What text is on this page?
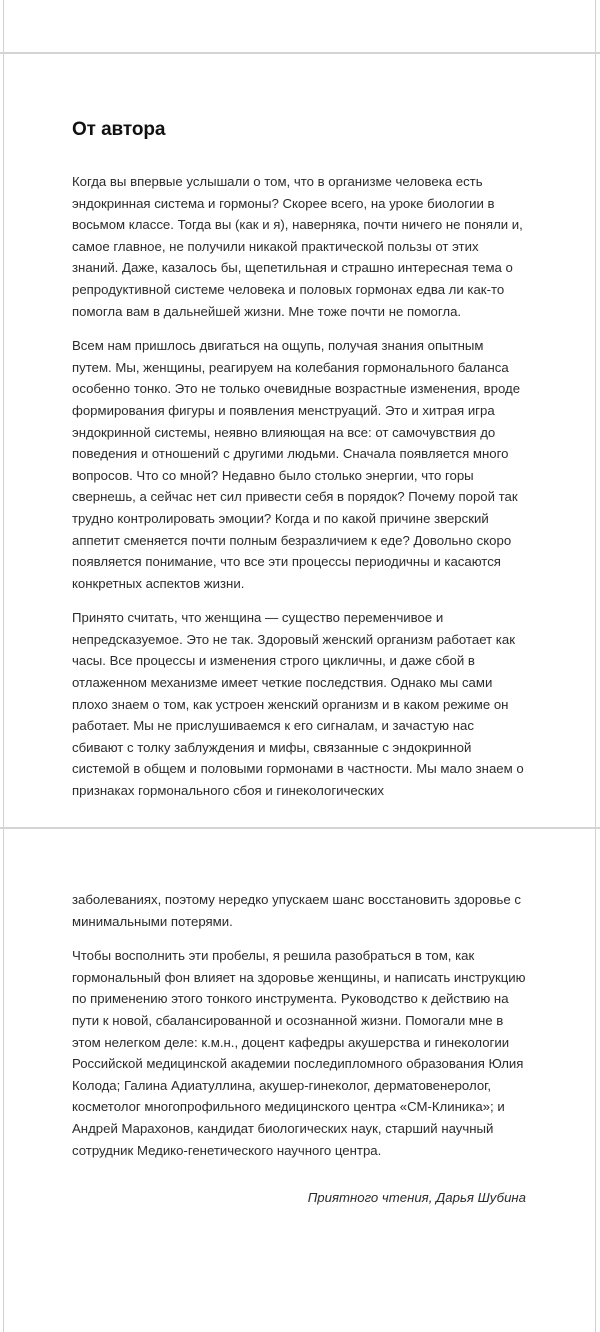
От автора

Когда вы впервые услышали о том, что в организме человека есть эндокринная система и гормоны? Скорее всего, на уроке биологии в восьмом классе. Тогда вы (как и я), наверняка, почти ничего не поняли и, самое главное, не получили никакой практической пользы от этих знаний. Даже, казалось бы, щепетильная и страшно интересная тема о репродуктивной системе человека и половых гормонах едва ли как-то помогла вам в дальнейшей жизни. Мне тоже почти не помогла.

Всем нам пришлось двигаться на ощупь, получая знания опытным путем. Мы, женщины, реагируем на колебания гормонального баланса особенно тонко. Это не только очевидные возрастные изменения, вроде формирования фигуры и появления менструаций. Это и хитрая игра эндокринной системы, неявно влияющая на все: от самочувствия до поведения и отношений с другими людьми. Сначала появляется много вопросов. Что со мной? Недавно было столько энергии, что горы свернешь, а сейчас нет сил привести себя в порядок? Почему порой так трудно контролировать эмоции? Когда и по какой причине зверский аппетит сменяется почти полным безразличием к еде? Довольно скоро появляется понимание, что все эти процессы периодичны и касаются конкретных аспектов жизни.

Принято считать, что женщина — существо переменчивое и непредсказуемое. Это не так. Здоровый женский организм работает как часы. Все процессы и изменения строго цикличны, и даже сбой в отлаженном механизме имеет четкие последствия. Однако мы сами плохо знаем о том, как устроен женский организм и в каком режиме он работает. Мы не прислушиваемся к его сигналам, и зачастую нас сбивают с толку заблуждения и мифы, связанные с эндокринной системой в общем и половыми гормонами в частности. Мы мало знаем о признаках гормонального сбоя и гинекологических

заболеваниях, поэтому нередко упускаем шанс восстановить здоровье с минимальными потерями.

Чтобы восполнить эти пробелы, я решила разобраться в том, как гормональный фон влияет на здоровье женщины, и написать инструкцию по применению этого тонкого инструмента. Руководство к действию на пути к новой, сбалансированной и осознанной жизни. Помогали мне в этом нелегком деле: к.м.н., доцент кафедры акушерства и гинекологии Российской медицинской академии последипломного образования Юлия Колода; Галина Адиатуллина, акушер-гинеколог, дерматовенеролог, косметолог многопрофильного медицинского центра «СМ-Клиника»; и Андрей Марахонов, кандидат биологических наук, старший научный сотрудник Медико-генетического научного центра.

Приятного чтения, Дарья Шубина
